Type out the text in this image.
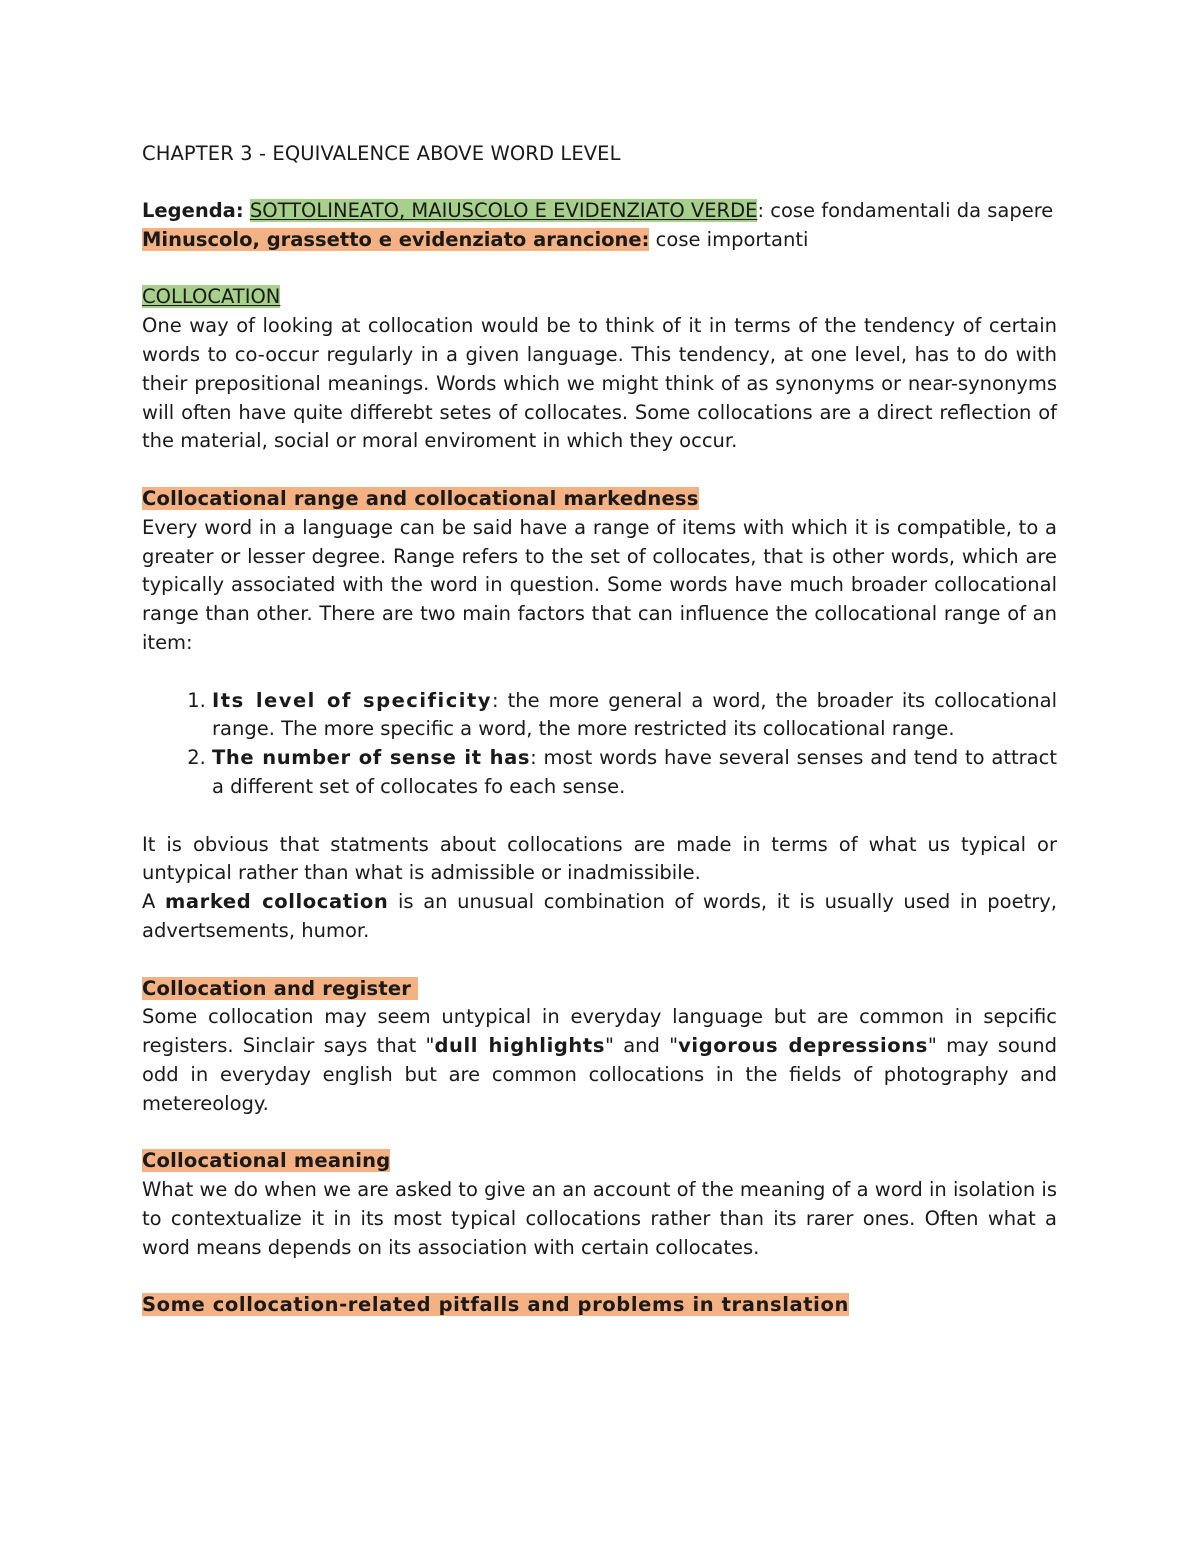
CHAPTER 3 - EQUIVALENCE ABOVE WORD LEVEL

Legenda: SOTTOLINEATO, MAIUSCOLO E EVIDENZIATO VERDE: cose fondamentali da sapere

Minuscolo, grassetto e evidenziato arancione: cose importanti

COLLOCATION

One way of looking at collocation would be to think of it in terms of the tendency of certain words to co-occur regularly in a given language. This tendency, at one level, has to do with their prepositional meanings. Words which we might think of as synonyms or near-synonyms will often have quite differebt setes of collocates. Some collocations are a direct reflection of the material, social or moral enviroment in which they occur.

Collocational range and collocational markedness

Every word in a language can be said have a range of items with which it is compatible, to a greater or lesser degree. Range refers to the set of collocates, that is other words, which are typically associated with the word in question. Some words have much broader collocational range than other. There are two main factors that can influence the collocational range of an item:

1. Its level of specificity: the more general a word, the broader its collocational range. The more specific a word, the more restricted its collocational range.
2. The number of sense it has: most words have several senses and tend to attract a different set of collocates fo each sense.

It is obvious that statments about collocations are made in terms of what us typical or untypical rather than what is admissible or inadmissibile.

A marked collocation is an unusual combination of words, it is usually used in poetry, advertsements, humor.

Collocation and register

Some collocation may seem untypical in everyday language but are common in sepcific registers. Sinclair says that "dull highlights" and "vigorous depressions" may sound odd in everyday english but are common collocations in the fields of photography and metereology.

Collocational meaning

What we do when we are asked to give an an account of the meaning of a word in isolation is to contextualize it in its most typical collocations rather than its rarer ones. Often what a word means depends on its association with certain collocates.

Some collocation-related pitfalls and problems in translation
